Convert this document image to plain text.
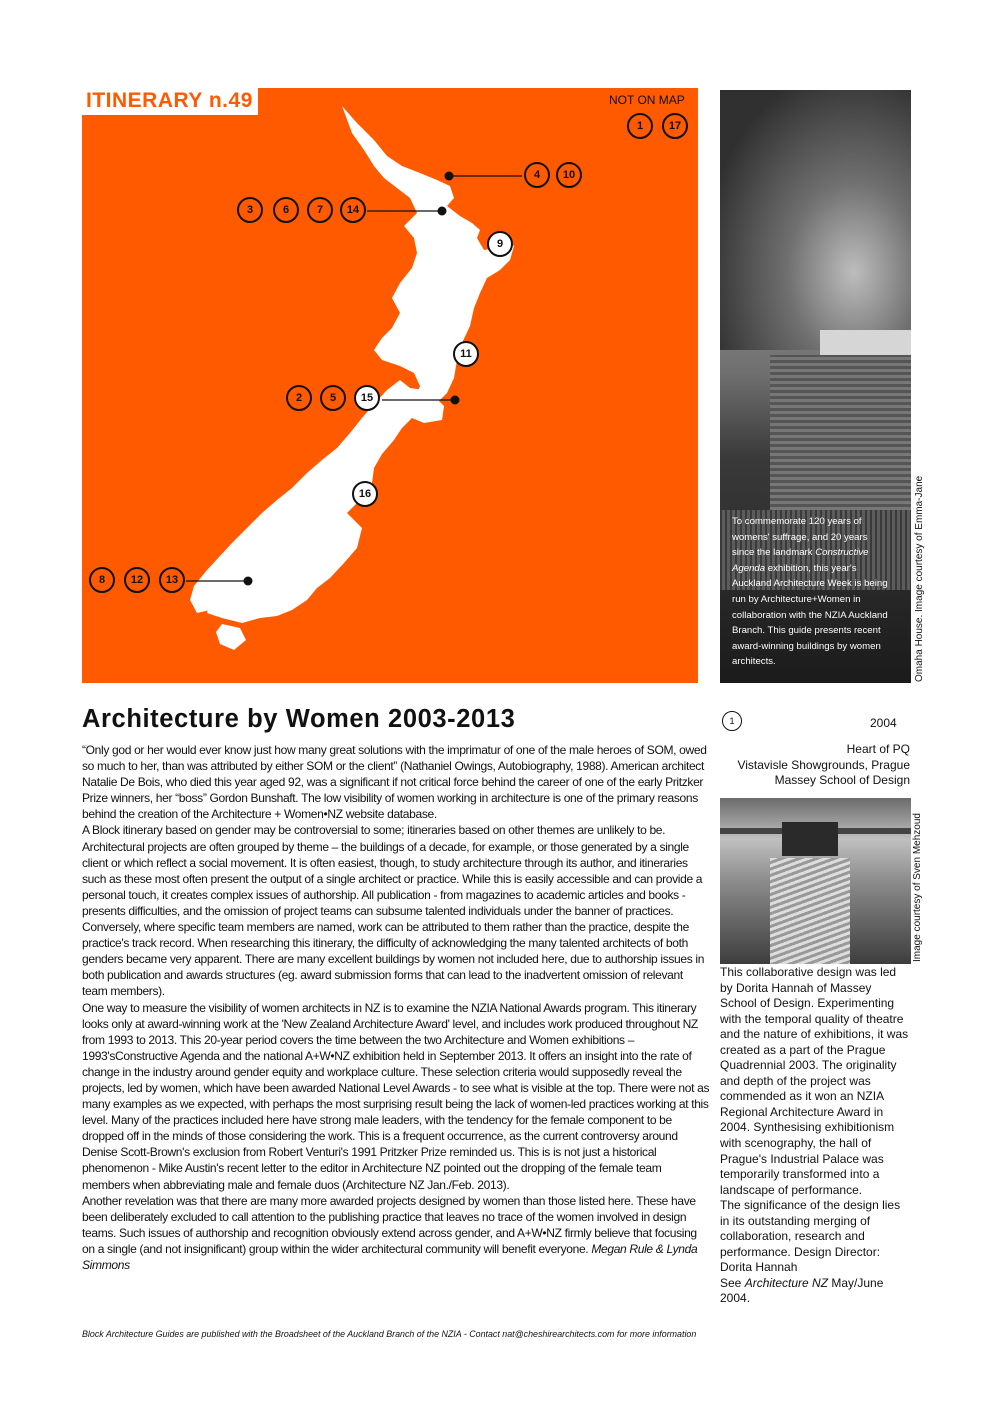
ITINERARY n.49	NOT ON MAP
1	17
4	10
3	6	7	14
9
11
2	5	15
16
8	12	13
To commemorate 120 years of womens' suffrage, and 20 years since the landmark Constructive Agenda exhibition, this year's Auckland Architecture Week is being run by Architecture+Women in collaboration with the NZIA Auckland Branch. This guide presents recent award-winning buildings by women architects.	Omaha House. Image courtesy of Emma-Jane
Architecture by Women 2003-2013

“Only god or her would ever know just how many great solutions with the imprimatur of one of the male heroes of SOM, owed so much to her, than was attributed by either SOM or the client” (Nathaniel Owings, Autobiography, 1988). American architect Natalie De Bois, who died this year aged 92, was a significant if not critical force behind the career of one of the early Pritzker Prize winners, her “boss” Gordon Bunshaft. The low visibility of women working in architecture is one of the primary reasons behind the creation of the Architecture + Women•NZ website database.

A Block itinerary based on gender may be controversial to some; itineraries based on other themes are unlikely to be. Architectural projects are often grouped by theme – the buildings of a decade, for example, or those generated by a single client or which reflect a social movement. It is often easiest, though, to study architecture through its author, and itineraries such as these most often present the output of a single architect or practice. While this is easily accessible and can provide a personal touch, it creates complex issues of authorship. All publication - from magazines to academic articles and books - presents difficulties, and the omission of project teams can subsume talented individuals under the banner of practices. Conversely, where specific team members are named, work can be attributed to them rather than the practice, despite the practice's track record. When researching this itinerary, the difficulty of acknowledging the many talented architects of both genders became very apparent. There are many excellent buildings by women not included here, due to authorship issues in both publication and awards structures (eg. award submission forms that can lead to the inadvertent omission of relevant team members).

One way to measure the visibility of women architects in NZ is to examine the NZIA National Awards program. This itinerary looks only at award-winning work at the 'New Zealand Architecture Award' level, and includes work produced throughout NZ from 1993 to 2013. This 20-year period covers the time between the two Architecture and Women exhibitions – 1993'sConstructive Agenda and the national A+W•NZ exhibition held in September 2013. It offers an insight into the rate of change in the industry around gender equity and workplace culture. These selection criteria would supposedly reveal the projects, led by women, which have been awarded National Level Awards - to see what is visible at the top. There were not as many examples as we expected, with perhaps the most surprising result being the lack of women-led practices working at this level. Many of the practices included here have strong male leaders, with the tendency for the female component to be dropped off in the minds of those considering the work. This is a frequent occurrence, as the current controversy around Denise Scott-Brown's exclusion from Robert Venturi's 1991 Pritzker Prize reminded us. This is is not just a historical phenomenon - Mike Austin's recent letter to the editor in Architecture NZ pointed out the dropping of the female team members when abbreviating male and female duos (Architecture NZ Jan./Feb. 2013).

Another revelation was that there are many more awarded projects designed by women than those listed here. These have been deliberately excluded to call attention to the publishing practice that leaves no trace of the women involved in design teams. Such issues of authorship and recognition obviously extend across gender, and A+W•NZ firmly believe that focusing on a single (and not insignificant) group within the wider architectural community will benefit everyone. Megan Rule & Lynda Simmons

1	2004
Heart of PQ
Vistavisle Showgrounds, Prague
Massey School of Design
Image courtesy of Sven Mehzoud
This collaborative design was led by Dorita Hannah of Massey School of Design. Experimenting with the temporal quality of theatre and the nature of exhibitions, it was created as a part of the Prague Quadrennial 2003. The originality and depth of the project was commended as it won an NZIA Regional Architecture Award in 2004. Synthesising exhibitionism with scenography, the hall of Prague's Industrial Palace was temporarily transformed into a landscape of performance.
The significance of the design lies in its outstanding merging of collaboration, research and performance. Design Director: Dorita Hannah
See Architecture NZ May/June 2004.
Block Architecture Guides are published with the Broadsheet of the Auckland Branch of the NZIA - Contact nat@cheshirearchitects.com for more information
